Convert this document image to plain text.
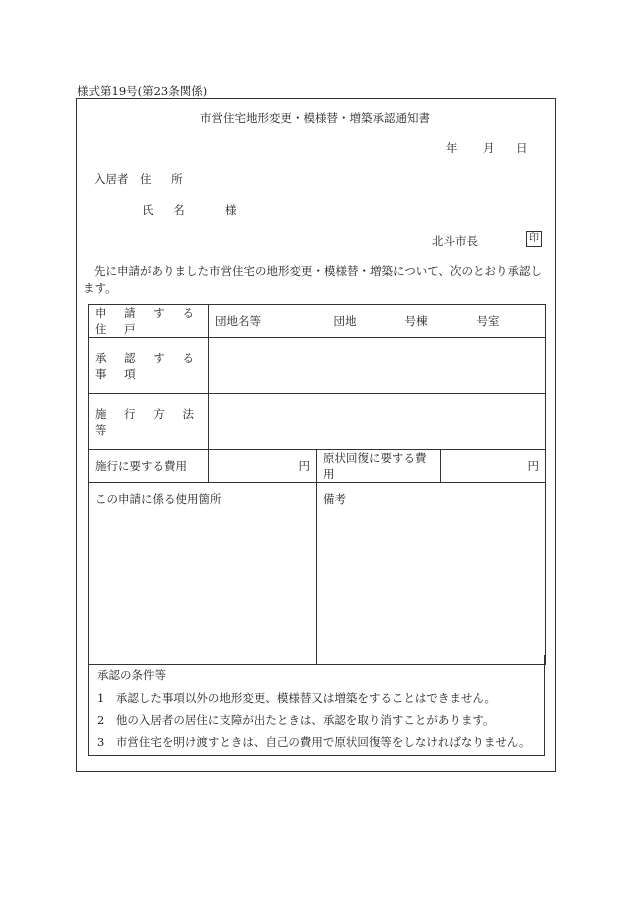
様式第19号(第23条関係)
市営住宅地形変更・模様替・増築承認通知書
年 月 日
入居者 住 所
氏 名	様
北斗市長	印
先に申請がありました市営住宅の地形変更・模様替・増築について、次のとおり承認します。
申 請 す る 住 戸	団地名等 団地 号棟 号室		

承 認 す る 事 項			
施 行 方 法 等			
施行に要する費用	円	原状回復に要する費用	円
この申請に係る使用箇所		備考	
承認の条件等
1　承認した事項以外の地形変更、模様替又は増築をすることはできません。
2　他の入居者の居住に支障が出たときは、承認を取り消すことがあります。
3　市営住宅を明け渡すときは、自己の費用で原状回復等をしなければなりません。
